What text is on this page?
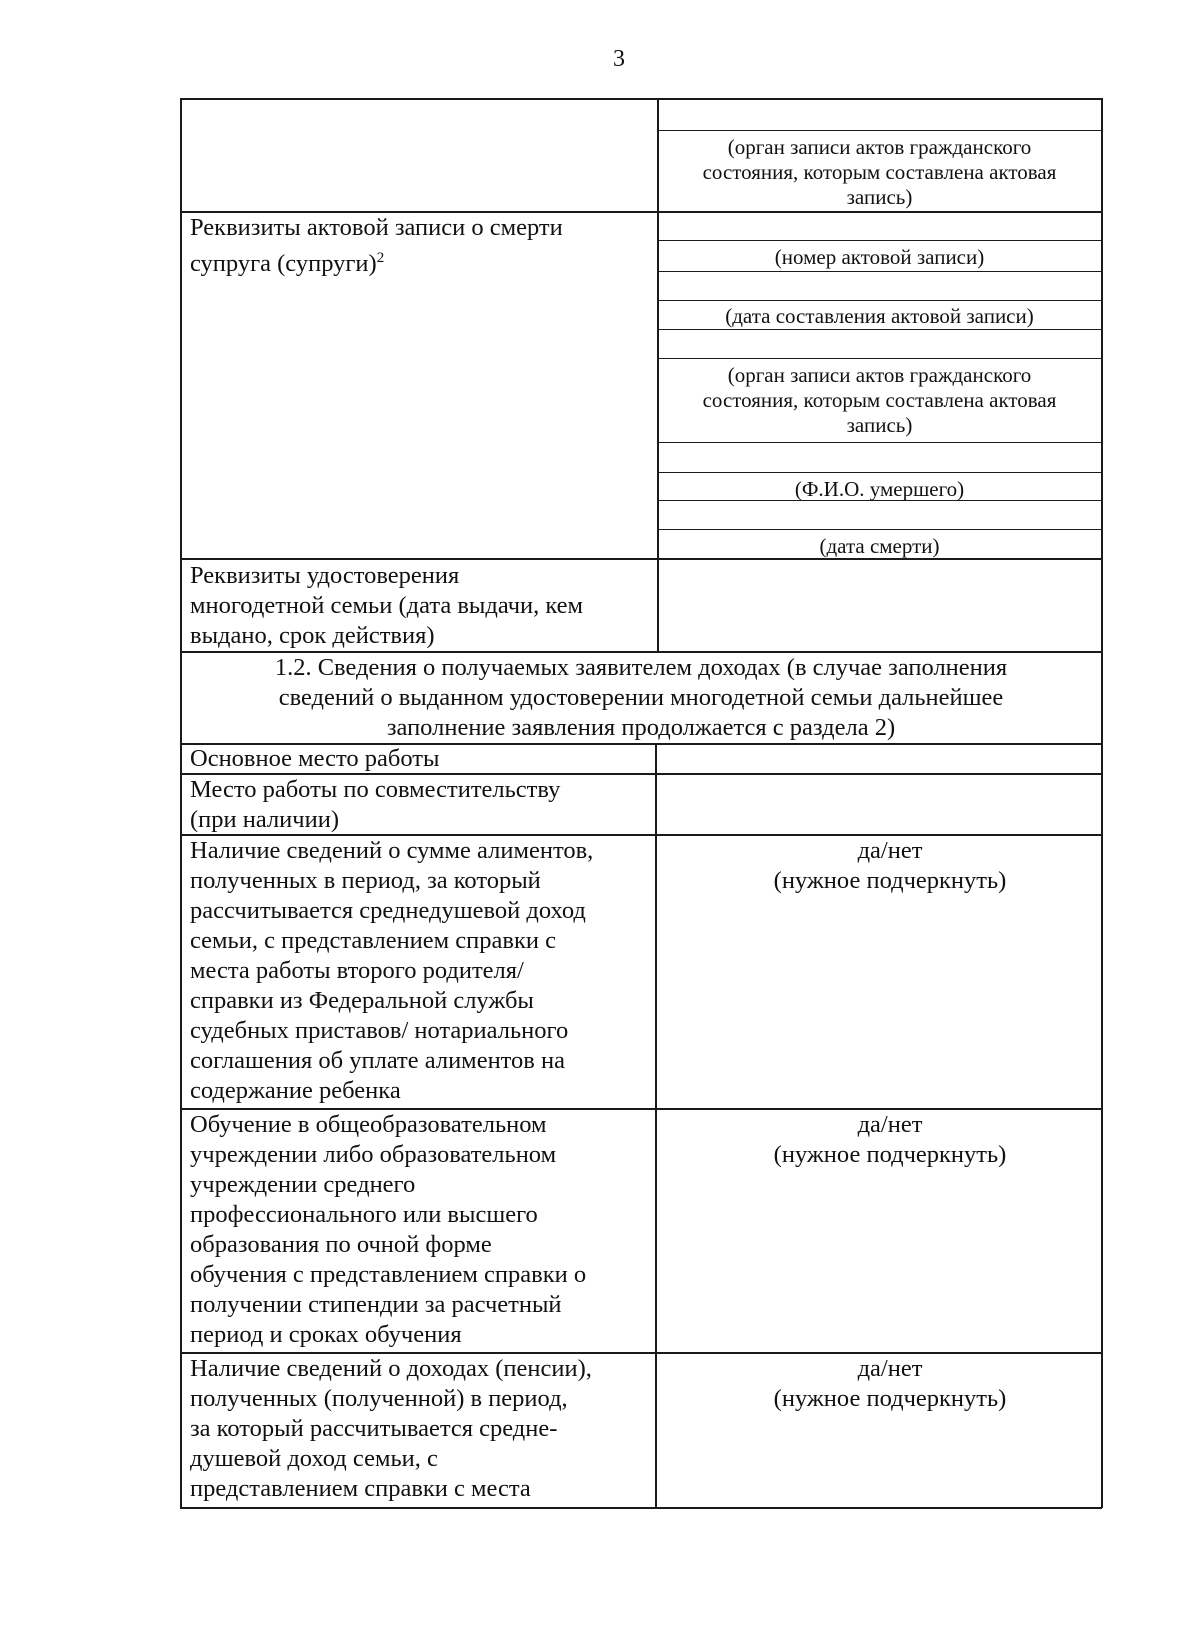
3
(орган записи актов гражданского
состояния, которым составлена актовая
запись)
(номер актовой записи)
(дата составления актовой записи)
(орган записи актов гражданского
состояния, которым составлена актовая
запись)
(Ф.И.О. умершего)
(дата смерти)
Реквизиты актовой записи о смерти
супруга (супруги)$^2$
Реквизиты удостоверения
многодетной семьи (дата выдачи, кем
выдано, срок действия)
1.2. Сведения о получаемых заявителем доходах (в случае заполнения
сведений о выданном удостоверении многодетной семьи дальнейшее
заполнение заявления продолжается с раздела 2)
Основное место работы
Место работы по совместительству
(при наличии)
Наличие сведений о сумме алиментов,
полученных в период, за который
рассчитывается среднедушевой доход
семьи, с представлением справки с
места работы второго родителя/
справки из Федеральной службы
судебных приставов/ нотариального
соглашения об уплате алиментов на
содержание ребенка
да/нет
(нужное подчеркнуть)
Обучение в общеобразовательном
учреждении либо образовательном
учреждении среднего
профессионального или высшего
образования по очной форме
обучения с представлением справки о
получении стипендии за расчетный
период и сроках обучения
да/нет
(нужное подчеркнуть)
Наличие сведений о доходах (пенсии),
полученных (полученной) в период,
за который рассчитывается средне-
душевой доход семьи, с
представлением справки с места
да/нет
(нужное подчеркнуть)
